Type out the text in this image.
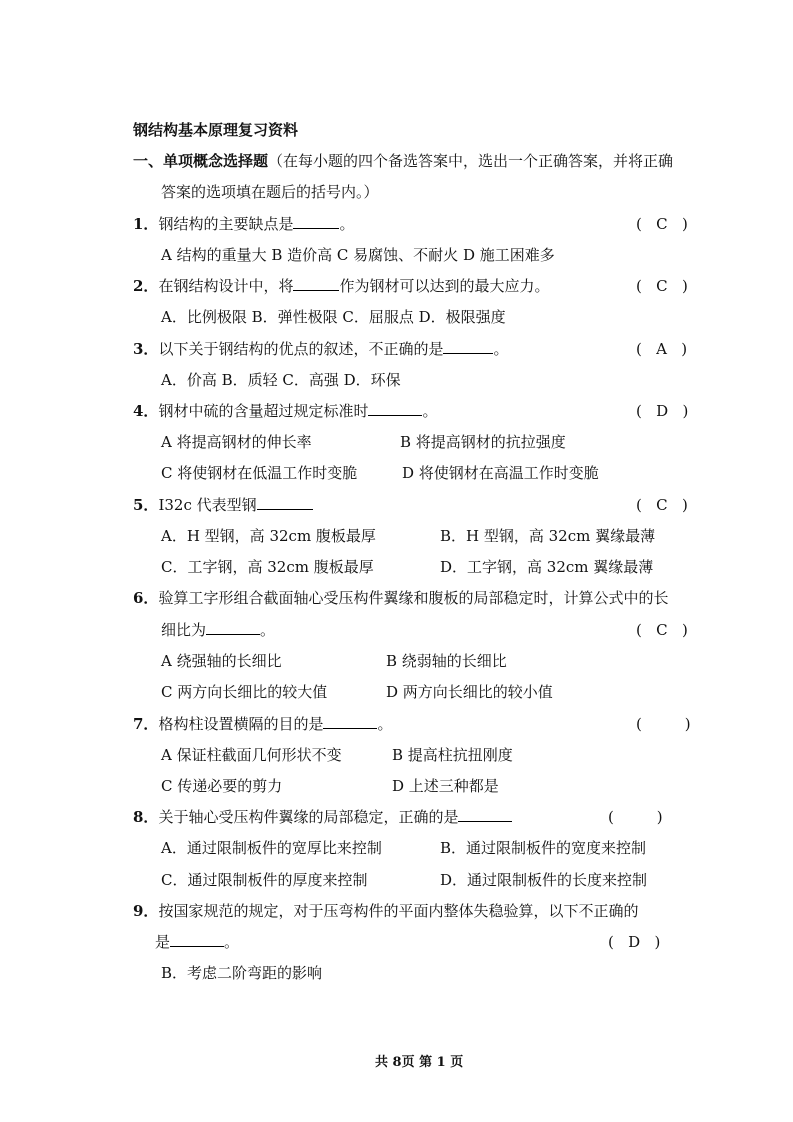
钢结构基本原理复习资料
一、单项概念选择题（在每小题的四个备选答案中，选出一个正确答案，并将正确
答案的选项填在题后的括号内。）
1．钢结构的主要缺点是	。	(   C   )
A 结构的重量大 B 造价高 C 易腐蚀、不耐火 D 施工困难多
2．在钢结构设计中，将	作为钢材可以达到的最大应力。	(   C   )
A．比例极限 B．弹性极限 C．屈服点 D．极限强度
3．以下关于钢结构的优点的叙述，不正确的是	。	(   A   )
A．价高 B．质轻 C．高强 D．环保
4．钢材中硫的含量超过规定标准时	。	(   D   )
A 将提高钢材的伸长率	B 将提高钢材的抗拉强度
C 将使钢材在低温工作时变脆	D 将使钢材在高温工作时变脆
5．I32c 代表型钢	(   C   )
A．H 型钢，高 32cm 腹板最厚	B．H 型钢，高 32cm 翼缘最薄
C．工字钢，高 32cm 腹板最厚	D．工字钢，高 32cm 翼缘最薄
6．验算工字形组合截面轴心受压构件翼缘和腹板的局部稳定时，计算公式中的长
细比为	。	(   C   )
A 绕强轴的长细比	B 绕弱轴的长细比
C 两方向长细比的较大值	D 两方向长细比的较小值
7．格构柱设置横隔的目的是	。	(         )
A 保证柱截面几何形状不变	B 提高柱抗扭刚度
C 传递必要的剪力	D 上述三种都是
8．关于轴心受压构件翼缘的局部稳定，正确的是	(         )
A．通过限制板件的宽厚比来控制	B．通过限制板件的宽度来控制
C．通过限制板件的厚度来控制	D．通过限制板件的长度来控制
9．按国家规范的规定，对于压弯构件的平面内整体失稳验算，以下不正确的
是	。	(   D   )
B．考虑二阶弯距的影响
共 8页 第 1 页
